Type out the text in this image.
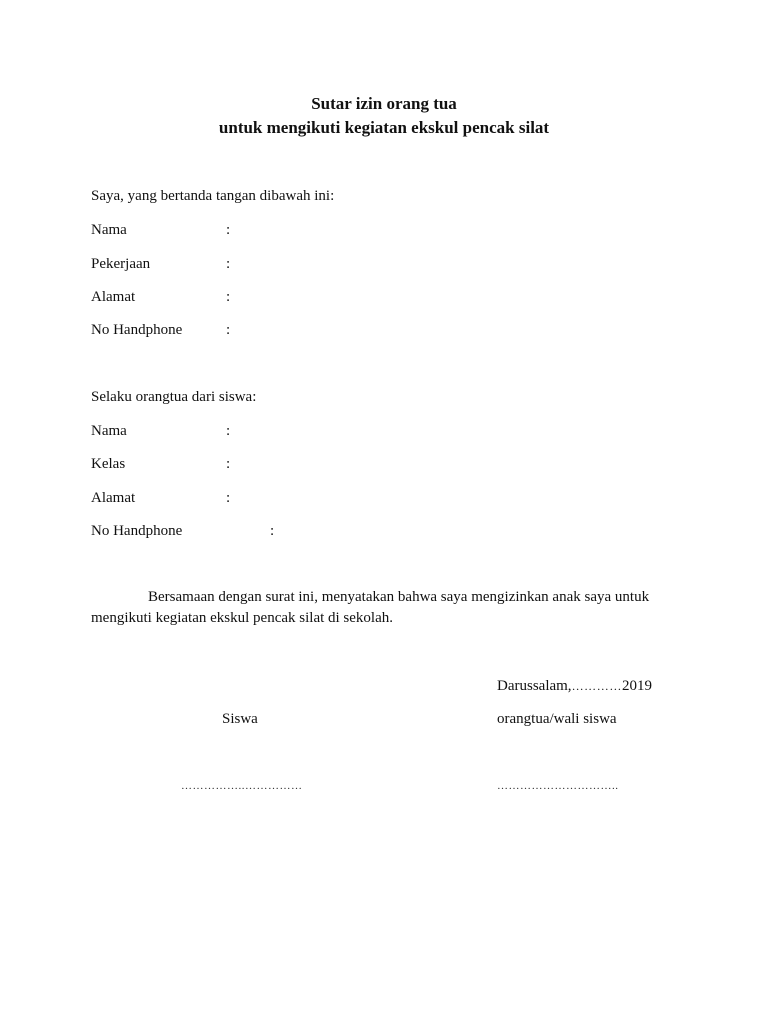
Sutar izin orang tua
untuk mengikuti kegiatan ekskul pencak silat
Saya, yang bertanda tangan dibawah ini:
Nama	:
Pekerjaan	:
Alamat	:
No Handphone	:
Selaku orangtua dari siswa:
Nama	:
Kelas	:
Alamat	:
No Handphone	:
Bersamaan dengan surat ini, menyatakan bahwa saya mengizinkan anak saya untuk mengikuti kegiatan ekskul pencak silat di sekolah.
Darussalam,…………2019
Siswa	orangtua/wali siswa
……………..……………	…………………………..
